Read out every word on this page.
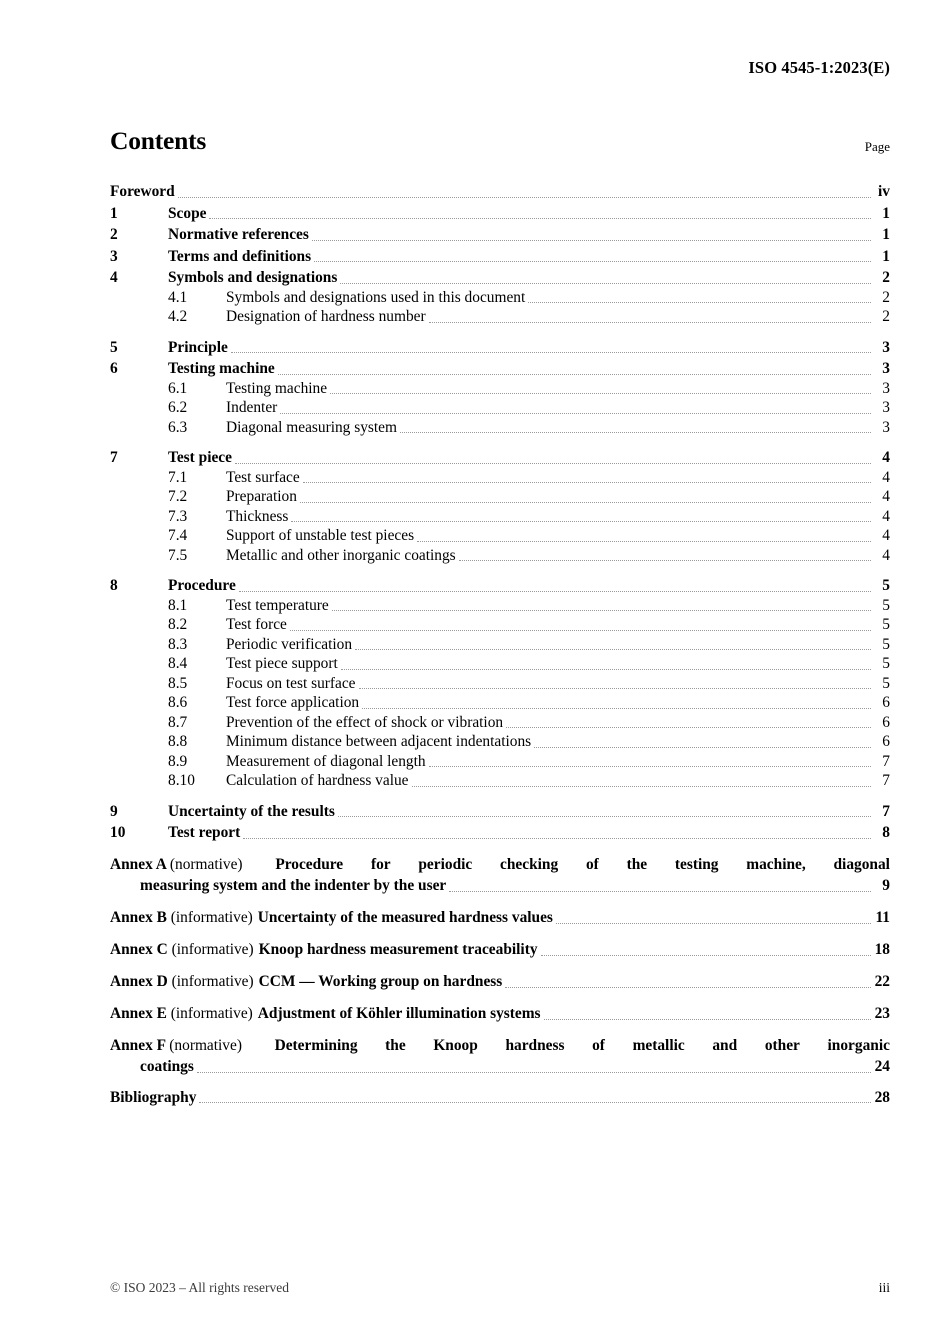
ISO 4545-1:2023(E)
Contents	Page
Foreword	iv
1	Scope	1
2	Normative references	1
3	Terms and definitions	1
4	Symbols and designations	2
4.1	Symbols and designations used in this document	2
4.2	Designation of hardness number	2
5	Principle	3
6	Testing machine	3
6.1	Testing machine	3
6.2	Indenter	3
6.3	Diagonal measuring system	3
7	Test piece	4
7.1	Test surface	4
7.2	Preparation	4
7.3	Thickness	4
7.4	Support of unstable test pieces	4
7.5	Metallic and other inorganic coatings	4
8	Procedure	5
8.1	Test temperature	5
8.2	Test force	5
8.3	Periodic verification	5
8.4	Test piece support	5
8.5	Focus on test surface	5
8.6	Test force application	6
8.7	Prevention of the effect of shock or vibration	6
8.8	Minimum distance between adjacent indentations	6
8.9	Measurement of diagonal length	7
8.10	Calculation of hardness value	7
9	Uncertainty of the results	7
10	Test report	8
Annex A (normative)	Procedure for periodic checking of the testing machine, diagonal
measuring system and the indenter by the user	9
Annex B (informative) Uncertainty of the measured hardness values	11
Annex C (informative) Knoop hardness measurement traceability	18
Annex D (informative) CCM — Working group on hardness	22
Annex E (informative) Adjustment of Köhler illumination systems	23
Annex F (normative)	Determining the Knoop hardness of metallic and other inorganic
coatings	24
Bibliography	28
© ISO 2023 – All rights reserved	iii
